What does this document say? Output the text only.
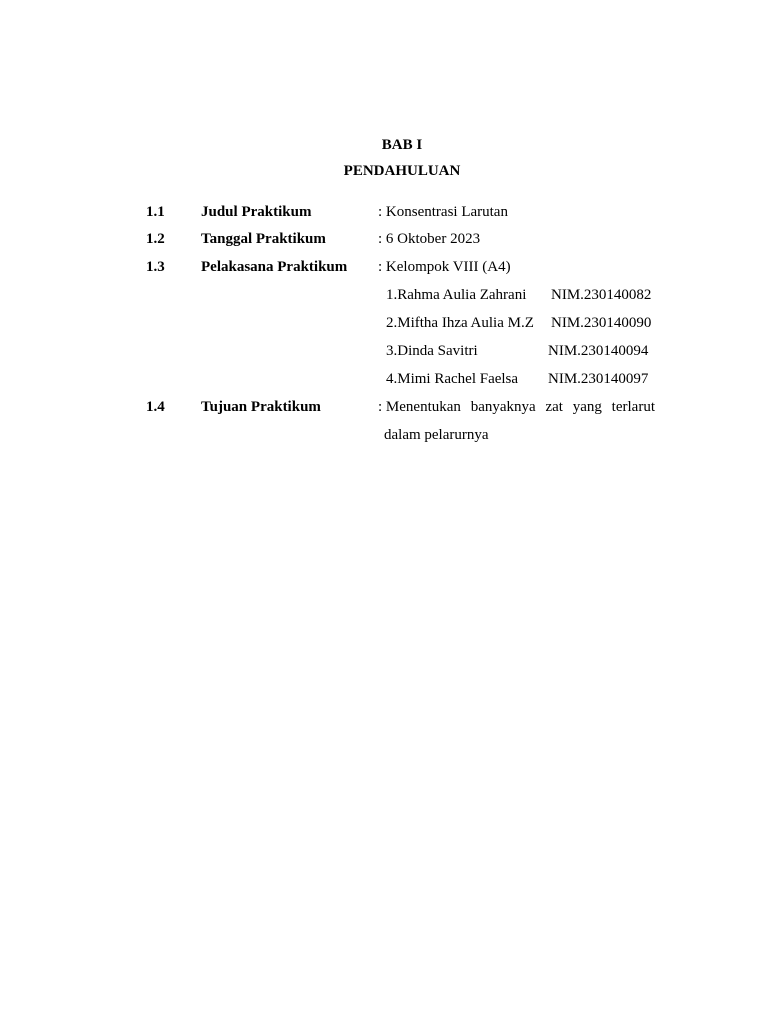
BAB I
PENDAHULUAN
1.1 Judul Praktikum	: Konsentrasi Larutan
1.2 Tanggal Praktikum	: 6 Oktober 2023
1.3 Pelakasana Praktikum : Kelompok VIII (A4)
1.Rahma Aulia Zahrani NIM.230140082
2.Miftha Ihza Aulia M.Z NIM.230140090
3.Dinda Savitri	NIM.230140094
4.Mimi Rachel Faelsa NIM.230140097
1.4 Tujuan Praktikum	: Menentukan banyaknya zat yang terlarut
dalam pelarurnya
